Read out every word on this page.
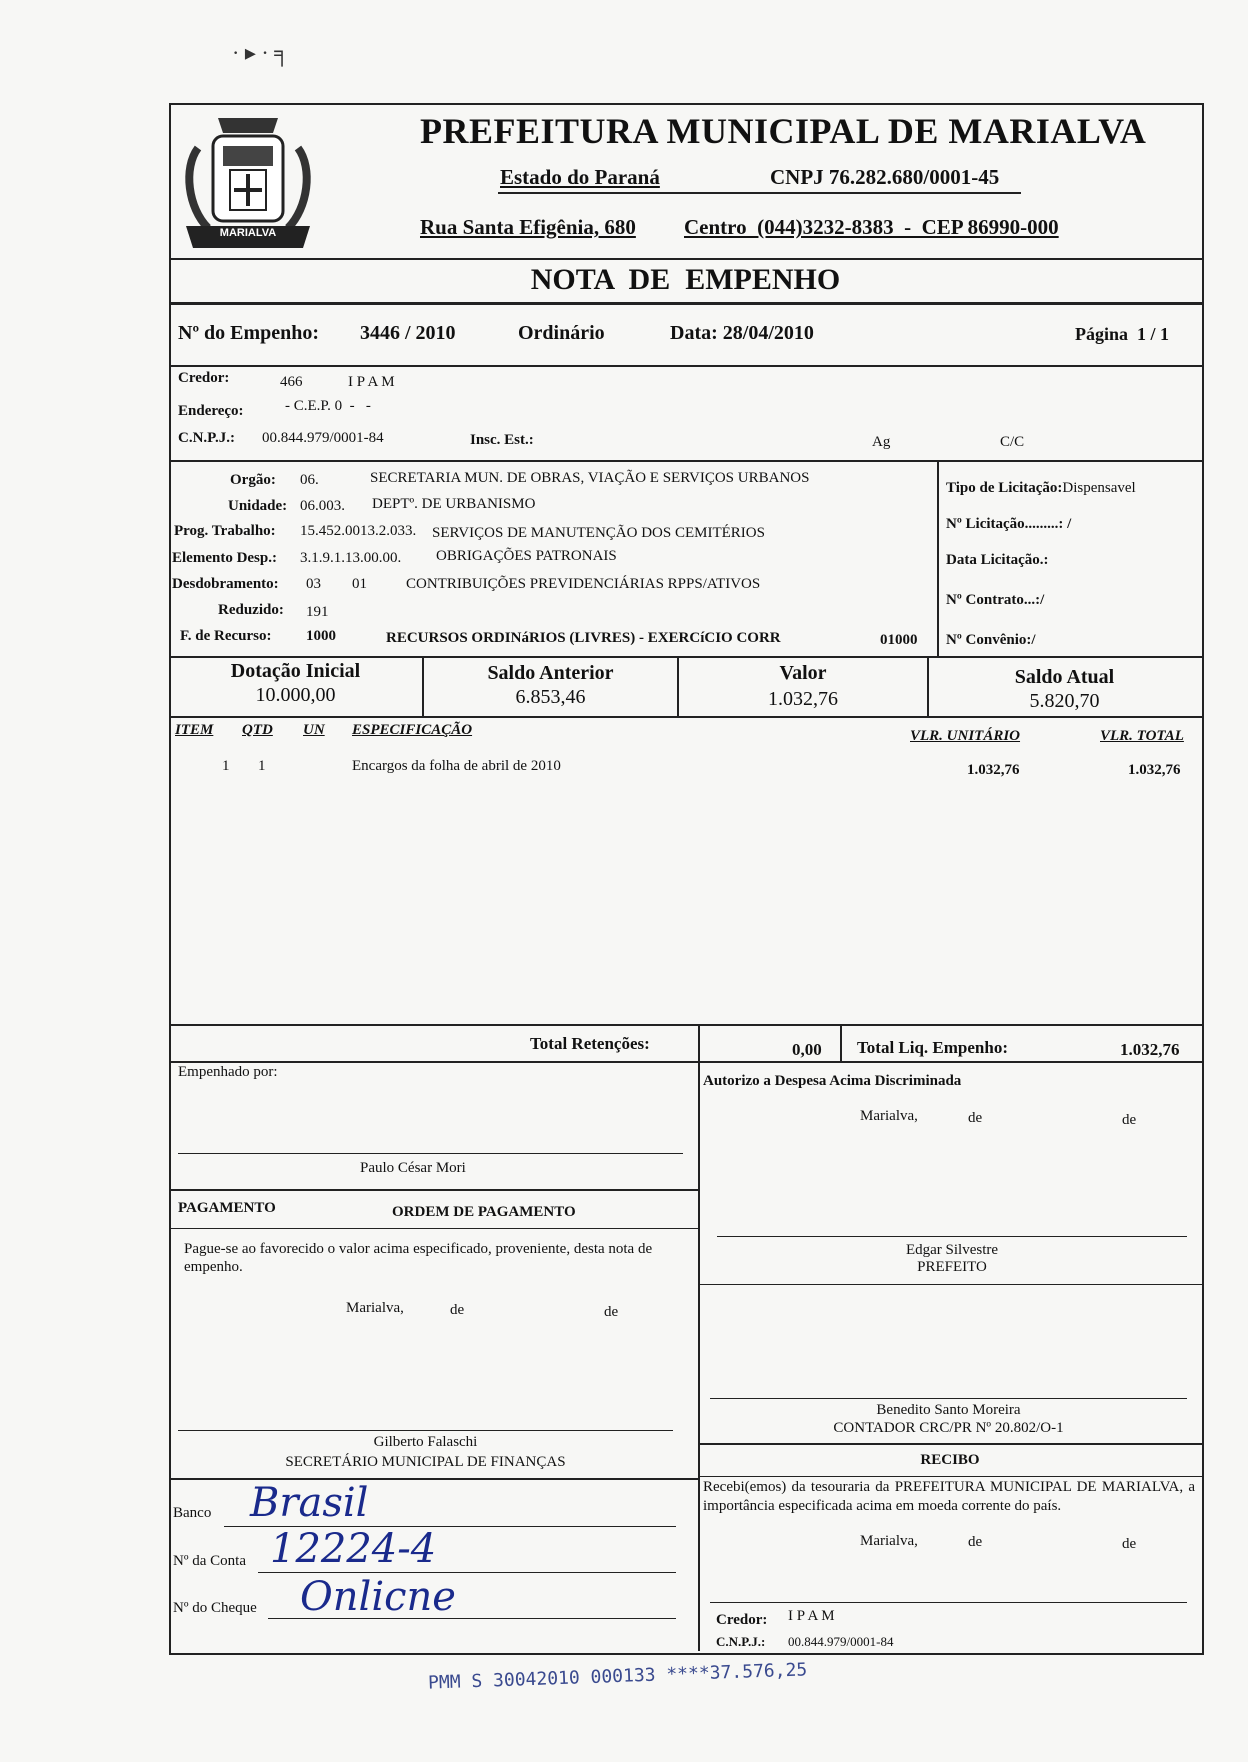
· ▸ · ╕
MARIALVA
PREFEITURA MUNICIPAL DE MARIALVA
Estado do Paraná	CNPJ 76.282.680/0001-45
Rua Santa Efigênia, 680 Centro  (044)3232-8383  -  CEP 86990-000
NOTA  DE  EMPENHO
Nº do Empenho: 3446 / 2010	Ordinário	Data: 28/04/2010	Página  1 / 1
Credor:	466	I P A M
Endereço:	- C.E.P. 0  -   -
C.N.P.J.: 00.844.979/0001-84	Insc. Est.:	Ag	C/C
Orgão: 06.	SECRETARIA MUN. DE OBRAS, VIAÇÃO E SERVIÇOS URBANOS
Unidade: 06.003. DEPTº. DE URBANISMO
Prog. Trabalho: 15.452.0013.2.033. SERVIÇOS DE MANUTENÇÃO DOS CEMITÉRIOS
Elemento Desp.: 3.1.9.1.13.00.00. OBRIGAÇÕES PATRONAIS
Desdobramento: 03 01	CONTRIBUIÇÕES PREVIDENCIÁRIAS RPPS/ATIVOS
Reduzido: 191
F. de Recurso: 1000	RECURSOS ORDINáRIOS (LIVRES) - EXERCíCIO CORR	01000
Tipo de Licitação:Dispensavel
Nº Licitação.........: /
Data Licitação.:
Nº Contrato...:/
Nº Convênio:/
Dotação Inicial
10.000,00
Saldo Anterior
6.853,46
Valor
1.032,76
Saldo Atual
5.820,70
ITEM QTD UN ESPECIFICAÇÃO	VLR. UNITÁRIO	VLR. TOTAL
1 1	Encargos da folha de abril de 2010	1.032,76	1.032,76
Total Retenções:	0,00 Total Liq. Empenho:	1.032,76
Empenhado por:
Paulo César Mori
PAGAMENTO	ORDEM DE PAGAMENTO
Pague-se ao favorecido o valor acima especificado, proveniente, desta nota de empenho.
Marialva,	de	de
Gilberto Falaschi
SECRETÁRIO MUNICIPAL DE FINANÇAS
Banco Brasil
Nº da Conta 12224-4
Nº do Cheque Onlicne
Autorizo a Despesa Acima Discriminada
Marialva,	de	de
Edgar Silvestre
PREFEITO
Benedito Santo Moreira
CONTADOR CRC/PR Nº 20.802/O-1
RECIBO
Recebi(emos) da tesouraria da PREFEITURA MUNICIPAL DE MARIALVA, a importância especificada acima em moeda corrente do país.
Marialva,	de	de
Credor: I P A M
C.N.P.J.: 00.844.979/0001-84
PMM S 30042010 000133 ****37.576,25
